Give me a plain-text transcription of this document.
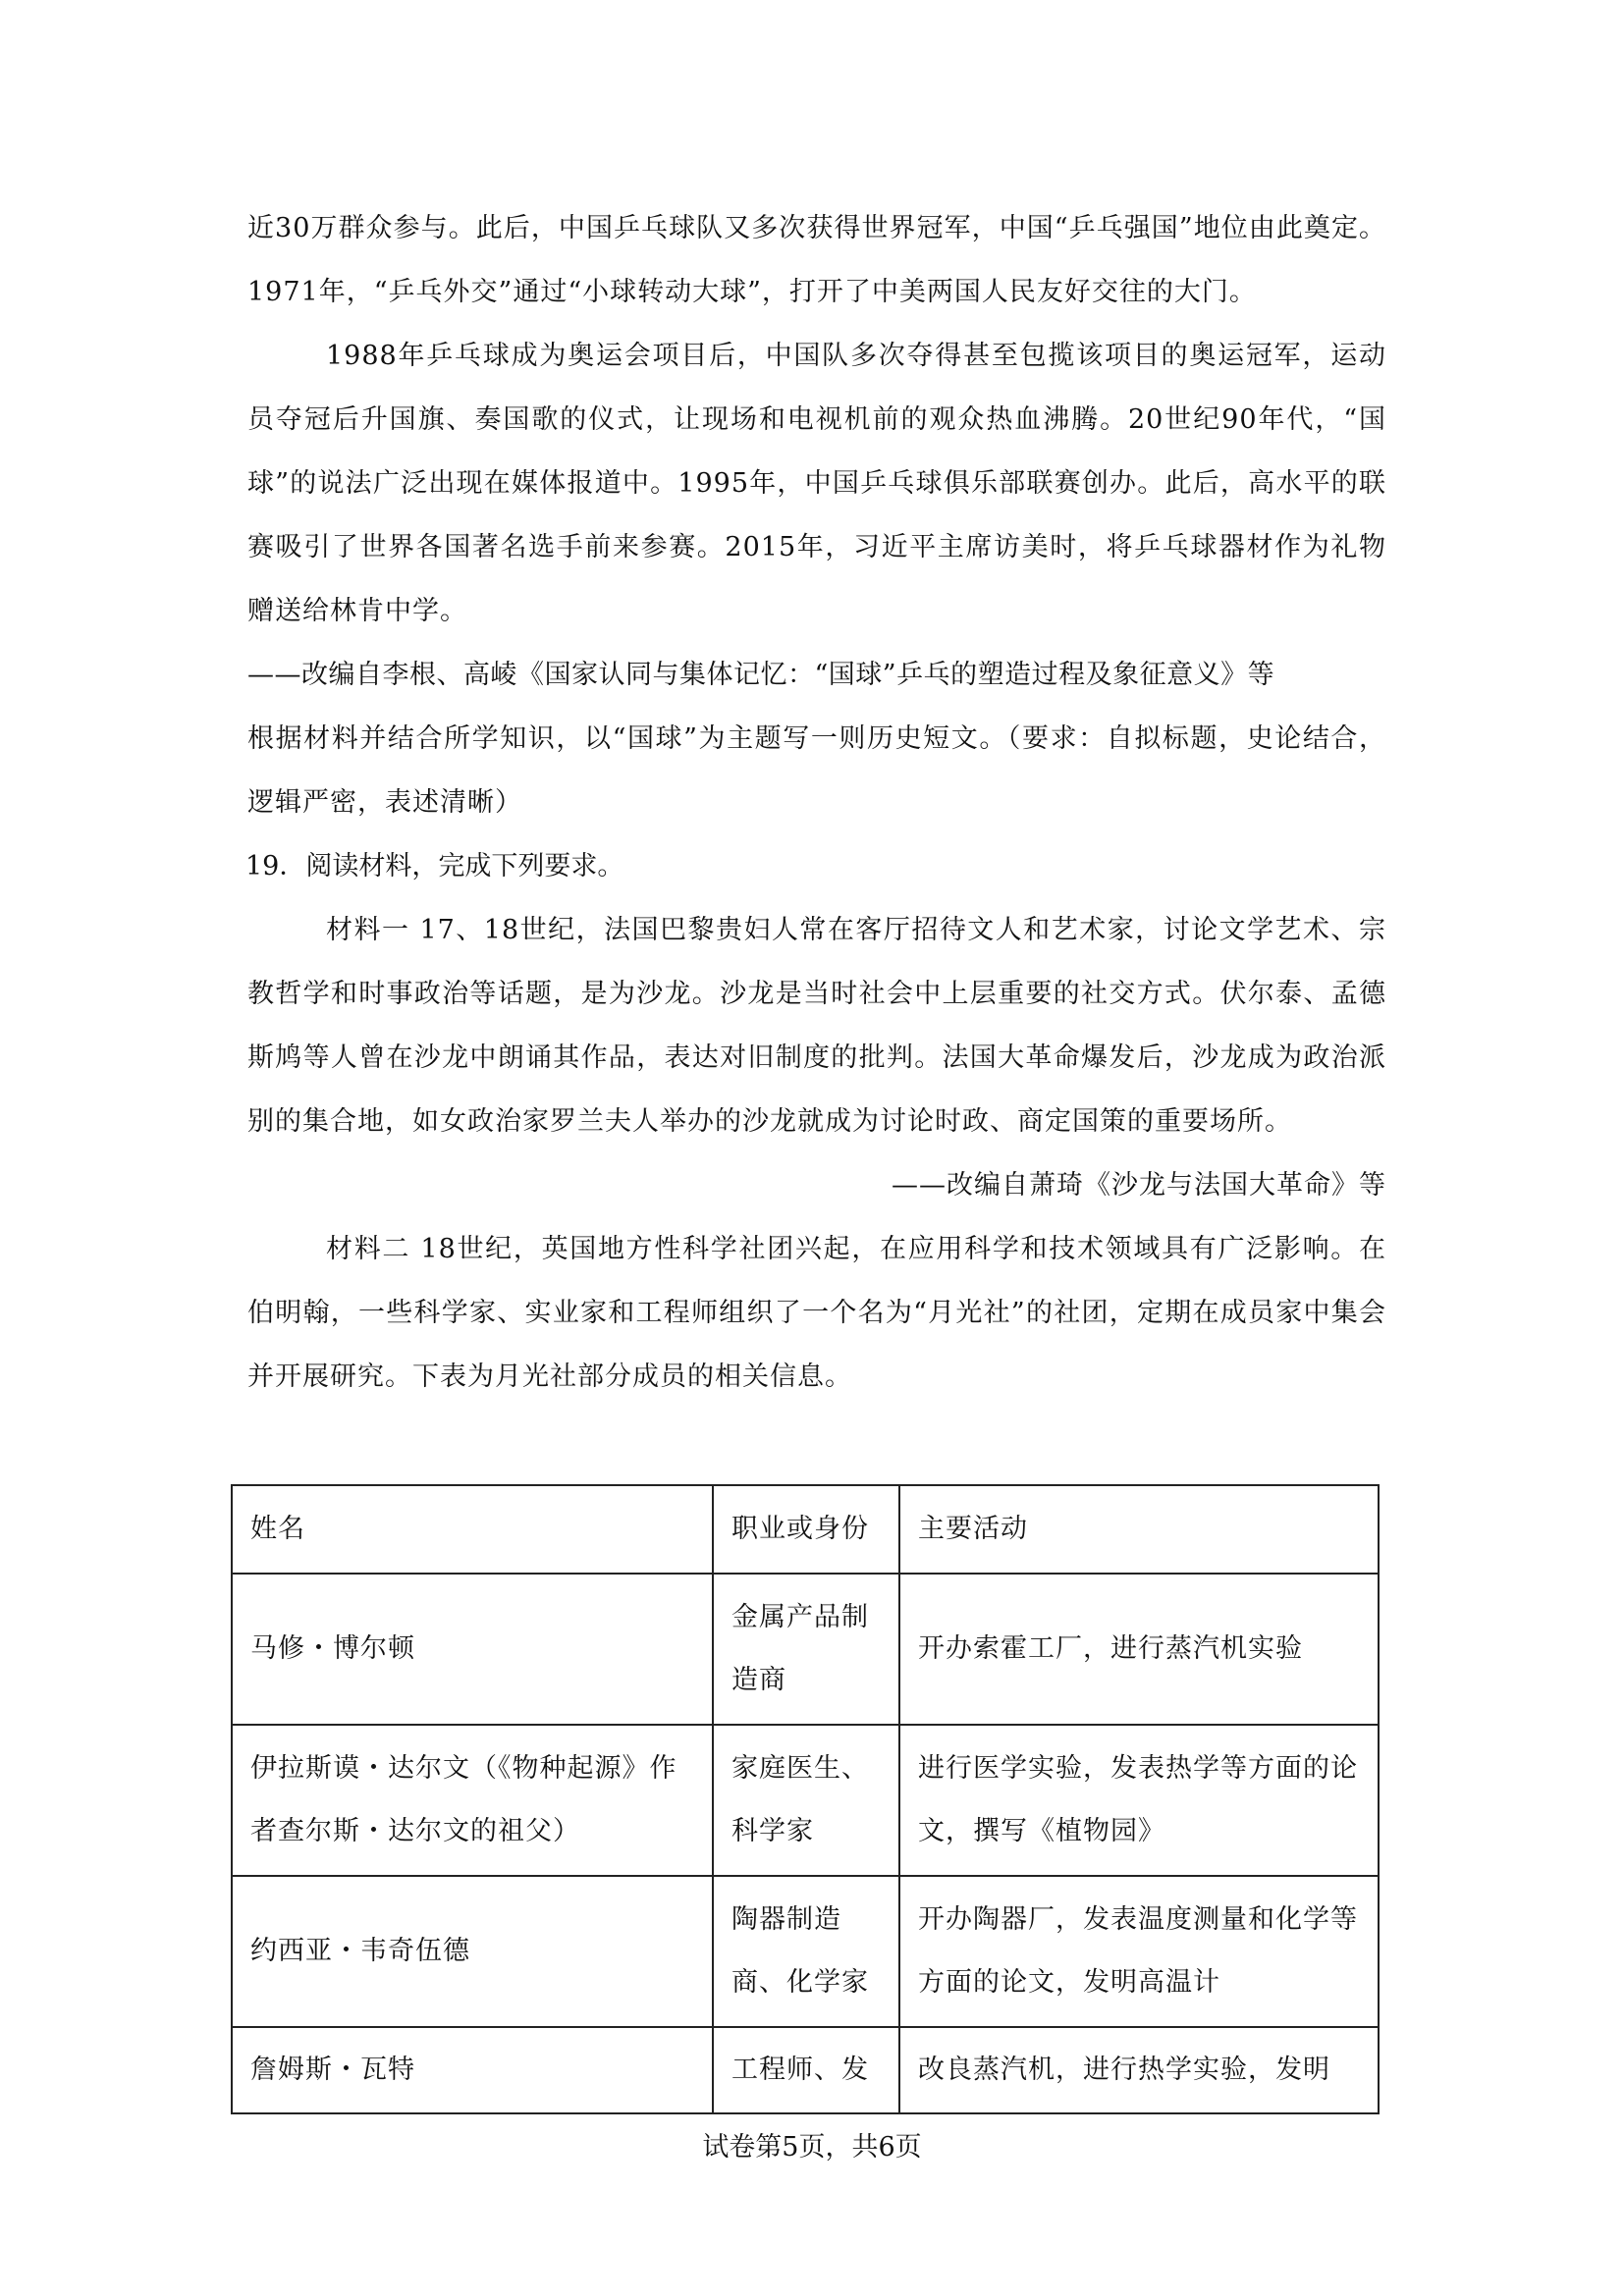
近30万群众参与。此后，中国乒乓球队又多次获得世界冠军，中国“乒乓强国”地位由此奠定。1971年，“乒乓外交”通过“小球转动大球”，打开了中美两国人民友好交往的大门。

1988年乒乓球成为奥运会项目后，中国队多次夺得甚至包揽该项目的奥运冠军，运动员夺冠后升国旗、奏国歌的仪式，让现场和电视机前的观众热血沸腾。20世纪90年代，“国球”的说法广泛出现在媒体报道中。1995年，中国乒乓球俱乐部联赛创办。此后，高水平的联赛吸引了世界各国著名选手前来参赛。2015年，习近平主席访美时，将乒乓球器材作为礼物赠送给林肯中学。

——改编自李根、高崚《国家认同与集体记忆：“国球”乒乓的塑造过程及象征意义》等

根据材料并结合所学知识，以“国球”为主题写一则历史短文。（要求：自拟标题，史论结合，逻辑严密，表述清晰）

19．阅读材料，完成下列要求。

材料一 17、18世纪，法国巴黎贵妇人常在客厅招待文人和艺术家，讨论文学艺术、宗教哲学和时事政治等话题，是为沙龙。沙龙是当时社会中上层重要的社交方式。伏尔泰、孟德斯鸠等人曾在沙龙中朗诵其作品，表达对旧制度的批判。法国大革命爆发后，沙龙成为政治派别的集合地，如女政治家罗兰夫人举办的沙龙就成为讨论时政、商定国策的重要场所。

——改编自萧琦《沙龙与法国大革命》等

材料二 18世纪，英国地方性科学社团兴起，在应用科学和技术领域具有广泛影响。在伯明翰，一些科学家、实业家和工程师组织了一个名为“月光社”的社团，定期在成员家中集会并开展研究。下表为月光社部分成员的相关信息。

姓名	职业或身份	主要活动
马修・博尔顿	金属产品制造商	开办索霍工厂，进行蒸汽机实验
伊拉斯谟・达尔文（《物种起源》作者查尔斯・达尔文的祖父）	家庭医生、科学家	进行医学实验，发表热学等方面的论文，撰写《植物园》
约西亚・韦奇伍德	陶器制造商、化学家	开办陶器厂，发表温度测量和化学等方面的论文，发明高温计
詹姆斯・瓦特	工程师、发	改良蒸汽机，进行热学实验，发明
试卷第5页，共6页
